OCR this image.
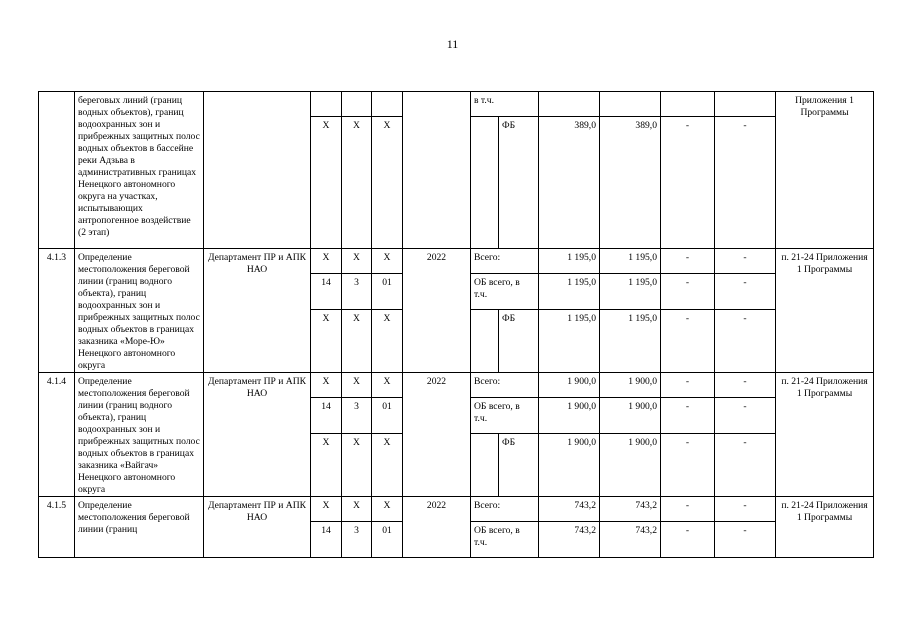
11
	береговых линий (границ водных объектов), границ водоохранных зон и прибрежных защитных полос водных объектов в бассейне реки Адзьва в административных границах Ненецкого автономного округа на участках, испытывающих антропогенное воздействие (2 этап)						в т.ч.						Приложения 1 Программы
			Х	Х	Х			ФБ	389,0	389,0	-	-	
4.1.3	Определение местоположения береговой линии (границ водного объекта), границ водоохранных зон и прибрежных защитных полос водных объектов в границах заказника «Море-Ю» Ненецкого автономного округа	Департамент ПР и АПК НАО	Х	Х	Х	2022	Всего:		1 195,0	1 195,0	-	-	п. 21-24 Приложения 1 Программы
			14	3	01		ОБ всего, в т.ч.		1 195,0	1 195,0	-	-	
			Х	Х	Х			ФБ	1 195,0	1 195,0	-	-	
4.1.4	Определение местоположения береговой линии (границ водного объекта), границ водоохранных зон и прибрежных защитных полос водных объектов в границах заказника «Вайгач» Ненецкого автономного округа	Департамент ПР и АПК НАО	Х	Х	Х	2022	Всего:		1 900,0	1 900,0	-	-	п. 21-24 Приложения 1 Программы
			14	3	01		ОБ всего, в т.ч.		1 900,0	1 900,0	-	-	
			Х	Х	Х			ФБ	1 900,0	1 900,0	-	-	
4.1.5	Определение местоположения береговой линии (границ	Департамент ПР и АПК НАО	Х	Х	Х	2022	Всего:		743,2	743,2	-	-	п. 21-24 Приложения 1 Программы
			14	3	01		ОБ всего, в т.ч.		743,2	743,2	-	-	
